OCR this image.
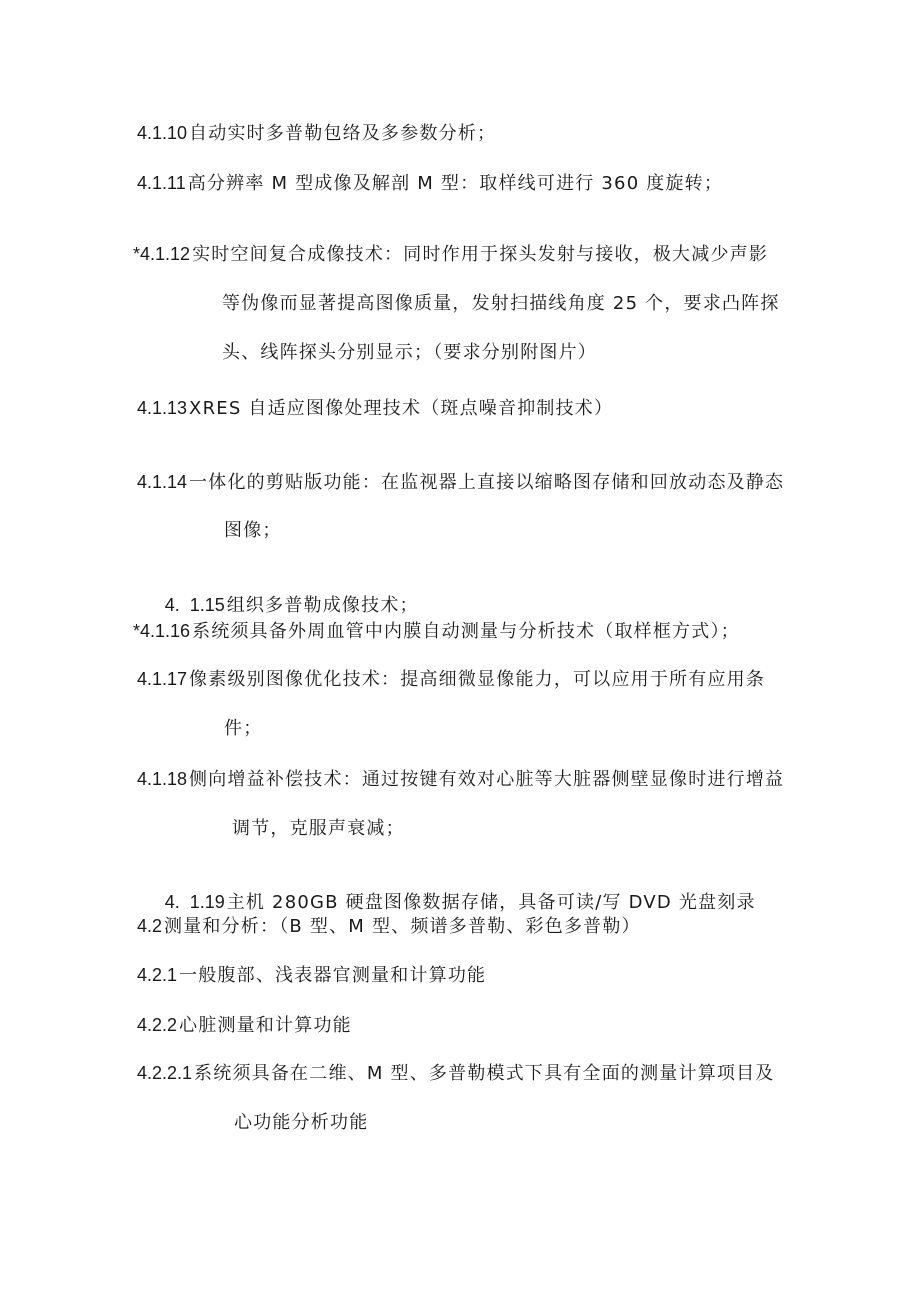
4.1.10 自动实时多普勒包络及多参数分析；
4.1.11 高分辨率 M 型成像及解剖 M 型：取样线可进行 360 度旋转；
*4.1.12 实时空间复合成像技术：同时作用于探头发射与接收，极大减少声影
等伪像而显著提高图像质量，发射扫描线角度 25 个，要求凸阵探
头、线阵探头分别显示；（要求分别附图片）
4.1.13 XRES 自适应图像处理技术（斑点噪音抑制技术）
4.1.14 一体化的剪贴版功能：在监视器上直接以缩略图存储和回放动态及静态
图像；

4.  1.15 组织多普勒成像技术；

*4.1.16 系统须具备外周血管中内膜自动测量与分析技术（取样框方式）；
4.1.17 像素级别图像优化技术：提高细微显像能力，可以应用于所有应用条
件；
4.1.18 侧向增益补偿技术：通过按键有效对心脏等大脏器侧壁显像时进行增益
调节，克服声衰减；

4.  1.19 主机 280GB 硬盘图像数据存储，具备可读/写 DVD 光盘刻录

4.2 测量和分析：（B 型、M 型、频谱多普勒、彩色多普勒）
4.2.1 一般腹部、浅表器官测量和计算功能
4.2.2 心脏测量和计算功能
4.2.2.1 系统须具备在二维、M 型、多普勒模式下具有全面的测量计算项目及
心功能分析功能
